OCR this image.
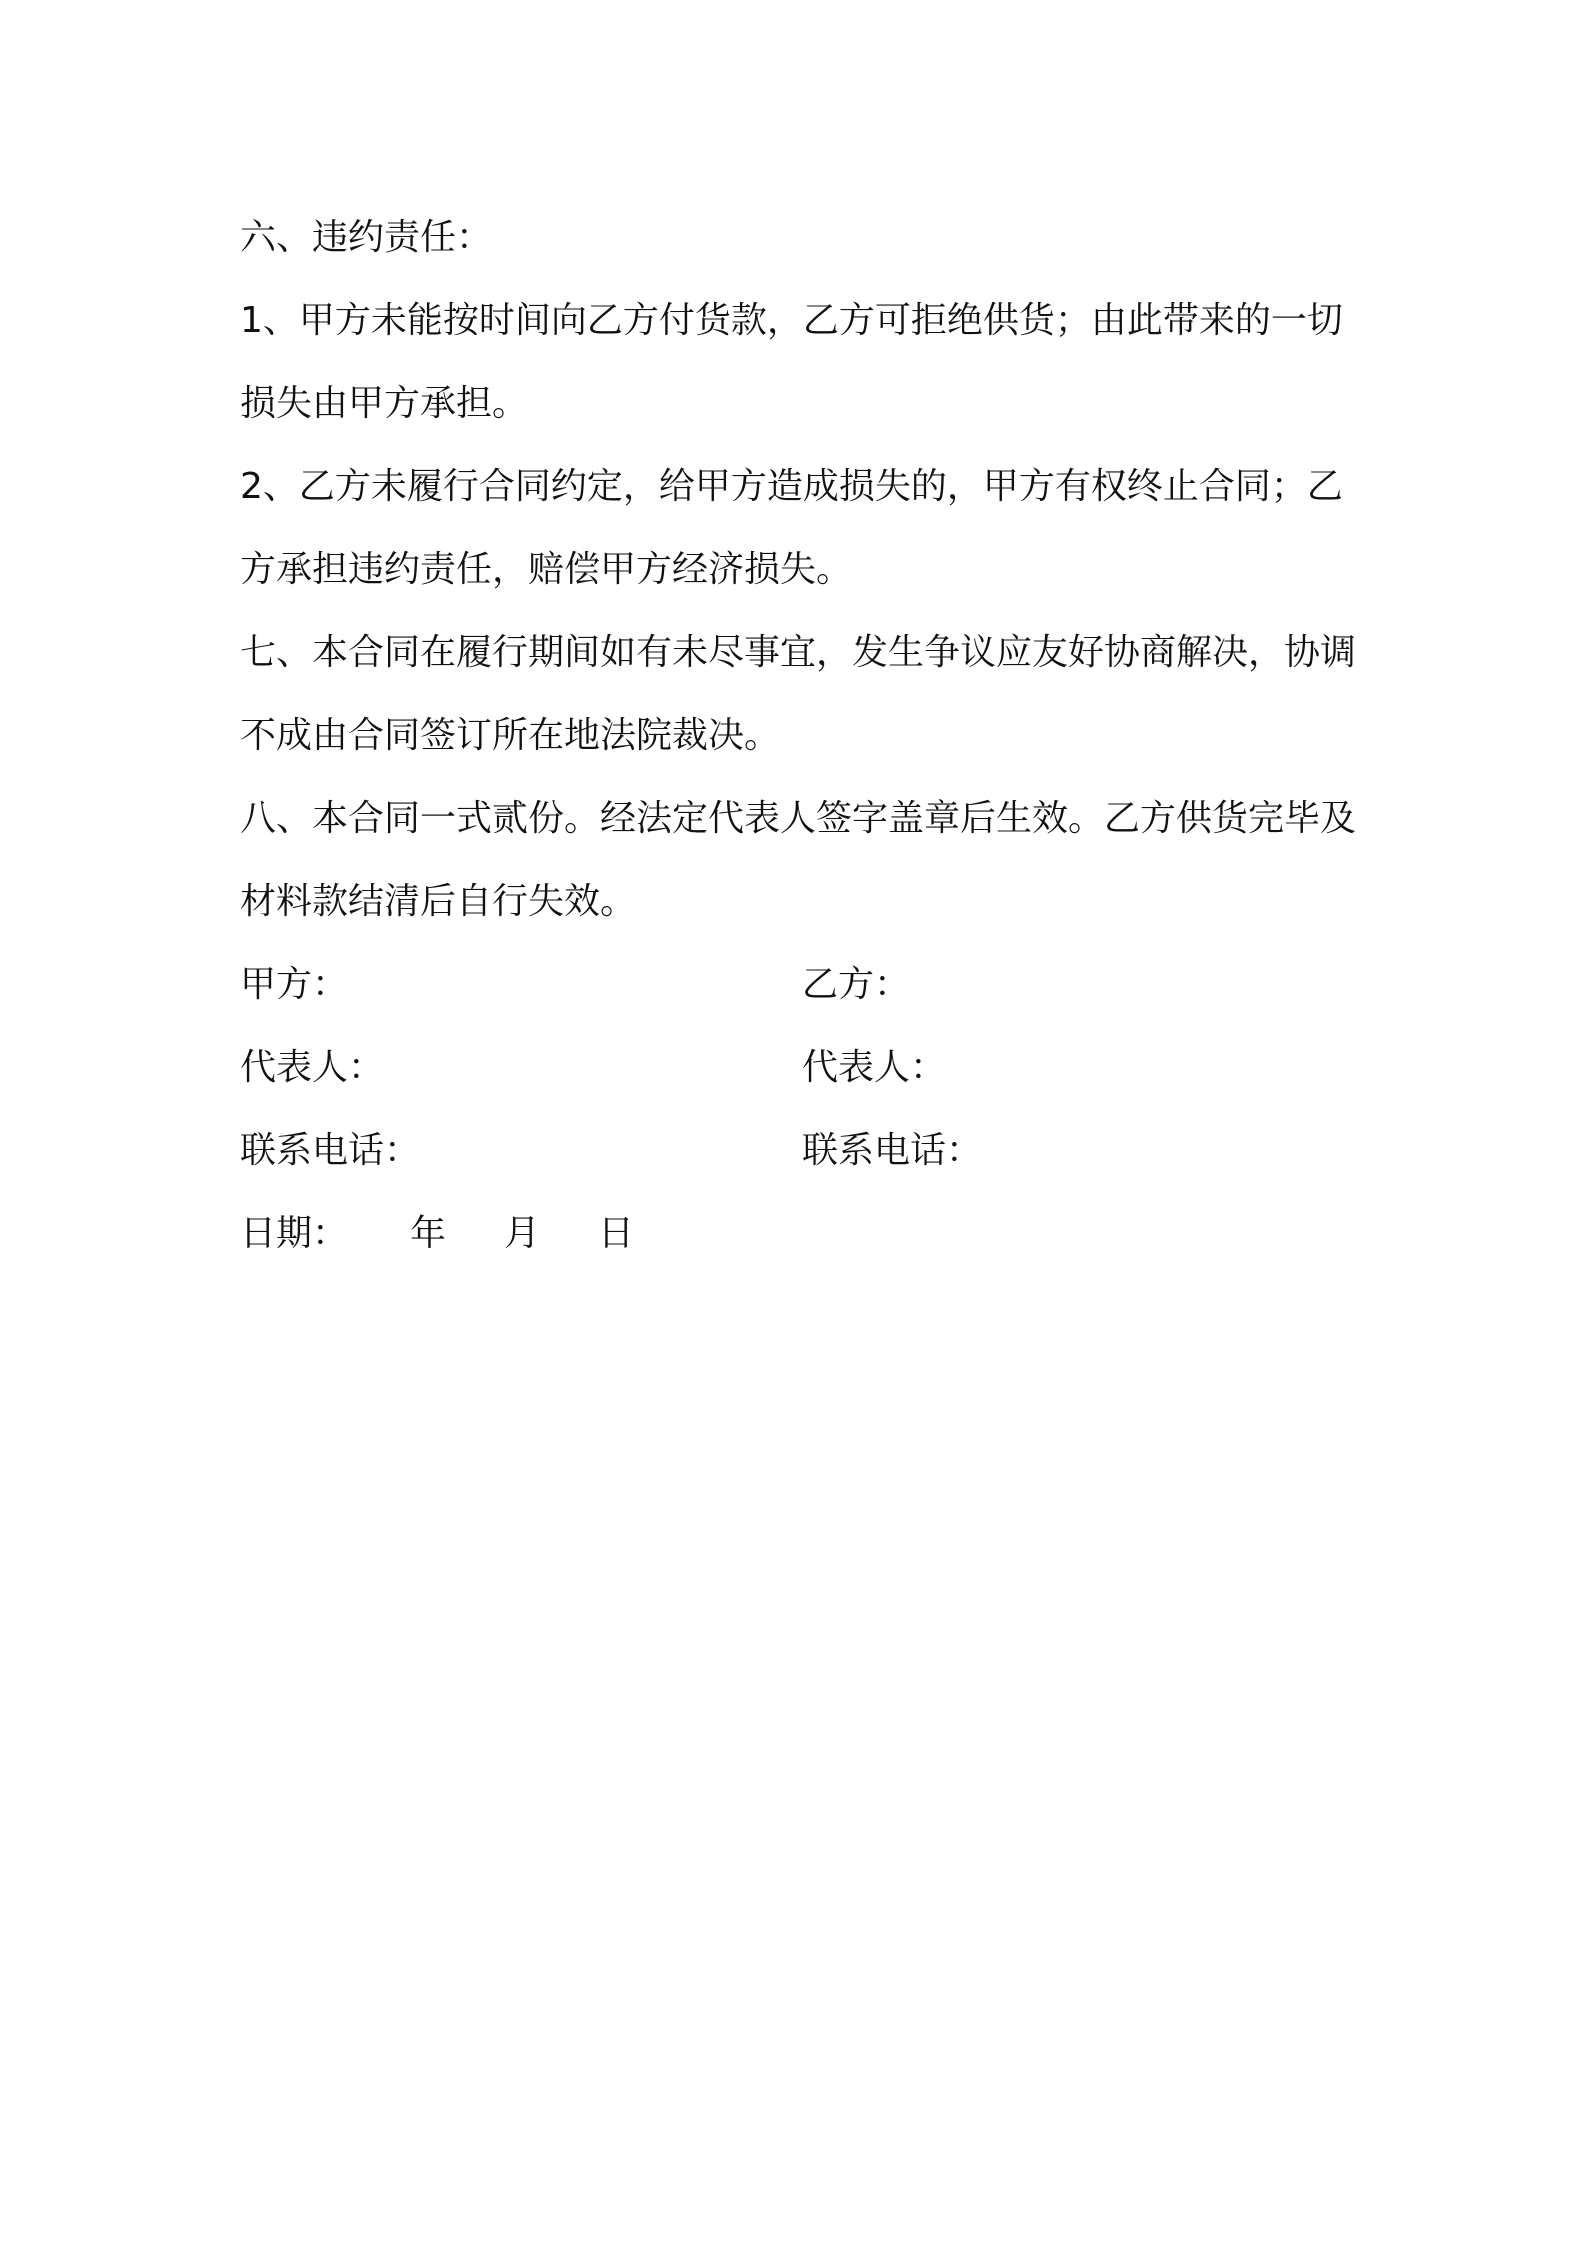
六、违约责任：

1、甲方未能按时间向乙方付货款，乙方可拒绝供货；由此带来的一切损失由甲方承担。

2、乙方未履行合同约定，给甲方造成损失的，甲方有权终止合同；乙方承担违约责任，赔偿甲方经济损失。

七、本合同在履行期间如有未尽事宜，发生争议应友好协商解决，协调不成由合同签订所在地法院裁决。

八、本合同一式贰份。经法定代表人签字盖章后生效。乙方供货完毕及材料款结清后自行失效。

甲方：	乙方：
代表人：	代表人：
联系电话：	联系电话：
日期： 年 月 日
